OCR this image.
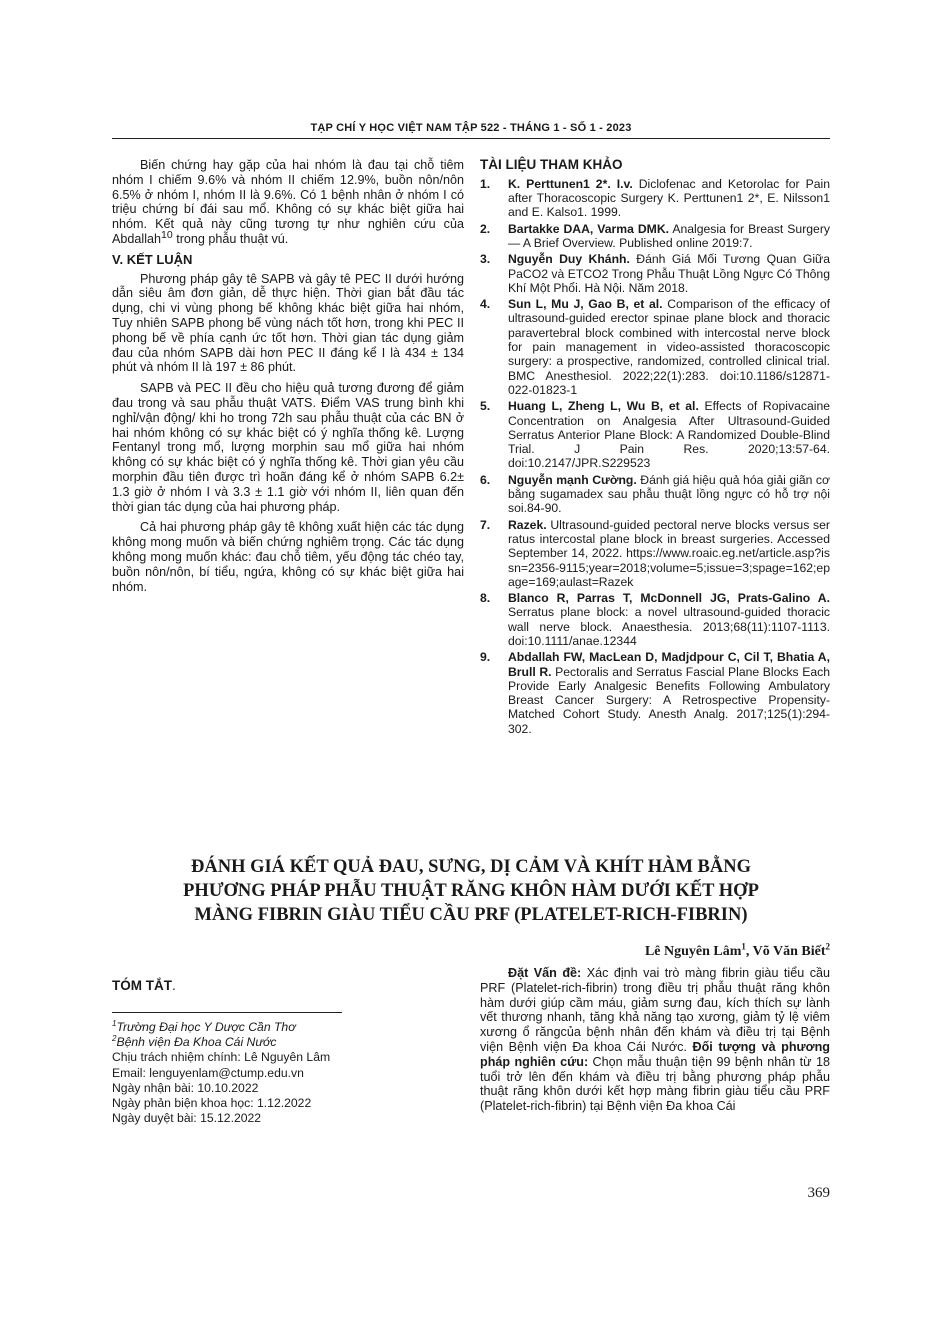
TẠP CHÍ Y HỌC VIỆT NAM TẬP 522 - THÁNG 1 - SỐ 1 - 2023

Biến chứng hay gặp của hai nhóm là đau tại chỗ tiêm nhóm I chiếm 9.6% và nhóm II chiếm 12.9%, buồn nôn/nôn 6.5% ở nhóm I, nhóm II là 9.6%. Có 1 bệnh nhân ở nhóm I có triệu chứng bí đái sau mổ. Không có sự khác biệt giữa hai nhóm. Kết quả này cũng tương tự như nghiên cứu của Abdallah$^{10}$ trong phẫu thuật vú.

V. KẾT LUẬN

Phương pháp gây tê SAPB và gây tê PEC II dưới hướng dẫn siêu âm đơn giản, dễ thực hiện. Thời gian bắt đầu tác dụng, chi vi vùng phong bế không khác biệt giữa hai nhóm, Tuy nhiên SAPB phong bế vùng nách tốt hơn, trong khi PEC II phong bế về phía cạnh ức tốt hơn. Thời gian tác dụng giảm đau của nhóm SAPB dài hơn PEC II đáng kể I là 434 ± 134 phút và nhóm II là 197 ± 86 phút.

SAPB và PEC II đều cho hiệu quả tương đương để giảm đau trong và sau phẫu thuật VATS. Điểm VAS trung bình khi nghỉ/vận động/ khi ho trong 72h sau phẫu thuật của các BN ở hai nhóm không có sự khác biệt có ý nghĩa thống kê. Lượng Fentanyl trong mổ, lượng morphin sau mổ giữa hai nhóm không có sự khác biệt có ý nghĩa thống kê. Thời gian yêu cầu morphin đầu tiên được trì hoãn đáng kể ở nhóm SAPB 6.2± 1.3 giờ ở nhóm I và 3.3 ± 1.1 giờ với nhóm II, liên quan đến thời gian tác dụng của hai phương pháp.

Cả hai phương pháp gây tê không xuất hiện các tác dụng không mong muốn và biến chứng nghiêm trọng. Các tác dụng không mong muốn khác: đau chỗ tiêm, yếu động tác chéo tay, buồn nôn/nôn, bí tiểu, ngứa, không có sự khác biệt giữa hai nhóm.

TÀI LIỆU THAM KHẢO
1. K. Perttunen1 2*. I.v. Diclofenac and Ketorolac for Pain after Thoracoscopic Surgery K. Perttunen1 2*, E. Nilsson1 and E. Kalso1. 1999.
2. Bartakke DAA, Varma DMK. Analgesia for Breast Surgery — A Brief Overview. Published online 2019:7.
3. Nguyễn Duy Khánh. Đánh Giá Mối Tương Quan Giữa PaCO2 và ETCO2 Trong Phẫu Thuật Lồng Ngực Có Thông Khí Một Phổi. Hà Nội. Năm 2018.
4. Sun L, Mu J, Gao B, et al. Comparison of the efficacy of ultrasound-guided erector spinae plane block and thoracic paravertebral block combined with intercostal nerve block for pain management in video-assisted thoracoscopic surgery: a prospective, randomized, controlled clinical trial. BMC Anesthesiol. 2022;22(1):283. doi:10.1186/s12871-022-01823-1
5. Huang L, Zheng L, Wu B, et al. Effects of Ropivacaine Concentration on Analgesia After Ultrasound-Guided Serratus Anterior Plane Block: A Randomized Double-Blind Trial. J Pain Res. 2020;13:57-64. doi:10.2147/JPR.S229523
6. Nguyễn mạnh Cường. Đánh giá hiệu quả hóa giải giãn cơ bằng sugamadex sau phẫu thuật lồng ngực có hỗ trợ nội soi.84-90.
7. Razek. Ultrasound-guided pectoral nerve blocks versus serratus intercostal plane block in breast surgeries. Accessed September 14, 2022. https://www.roaic.eg.net/article.asp?issn=2356-9115;year=2018;volume=5;issue=3;spage=162;epage=169;aulast=Razek
8. Blanco R, Parras T, McDonnell JG, Prats-Galino A. Serratus plane block: a novel ultrasound-guided thoracic wall nerve block. Anaesthesia. 2013;68(11):1107-1113. doi:10.1111/anae.12344
9. Abdallah FW, MacLean D, Madjdpour C, Cil T, Bhatia A, Brull R. Pectoralis and Serratus Fascial Plane Blocks Each Provide Early Analgesic Benefits Following Ambulatory Breast Cancer Surgery: A Retrospective Propensity-Matched Cohort Study. Anesth Analg. 2017;125(1):294-302.
ĐÁNH GIÁ KẾT QUẢ ĐAU, SƯNG, DỊ CẢM VÀ KHÍT HÀM BẰNG
PHƯƠNG PHÁP PHẪU THUẬT RĂNG KHÔN HÀM DƯỚI KẾT HỢP
MÀNG FIBRIN GIÀU TIỂU CẦU PRF (PLATELET-RICH-FIBRIN)
Lê Nguyên Lâm$^1$, Võ Văn Biết$^2$
TÓM TẮT.
$^1$Trường Đại học Y Dược Cần Thơ
$^2$Bệnh viện Đa Khoa Cái Nước
Chịu trách nhiệm chính: Lê Nguyên Lâm
Email: lenguyenlam@ctump.edu.vn
Ngày nhận bài: 10.10.2022
Ngày phản biện khoa học: 1.12.2022
Ngày duyệt bài: 15.12.2022
Đặt Vấn đề: Xác định vai trò màng fibrin giàu tiểu cầu PRF (Platelet-rich-fibrin) trong điều trị phẫu thuật răng khôn hàm dưới giúp cầm máu, giảm sưng đau, kích thích sự lành vết thương nhanh, tăng khả năng tạo xương, giảm tỷ lệ viêm xương ổ răngcủa bệnh nhân đến khám và điều trị tại Bệnh viện Bệnh viện Đa khoa Cái Nước. Đối tượng và phương pháp nghiên cứu: Chọn mẫu thuận tiện 99 bệnh nhân từ 18 tuổi trở lên đến khám và điều trị bằng phương pháp phẫu thuật răng khôn dưới kết hợp màng fibrin giàu tiểu cầu PRF (Platelet-rich-fibrin) tại Bệnh viện Đa khoa Cái
369
